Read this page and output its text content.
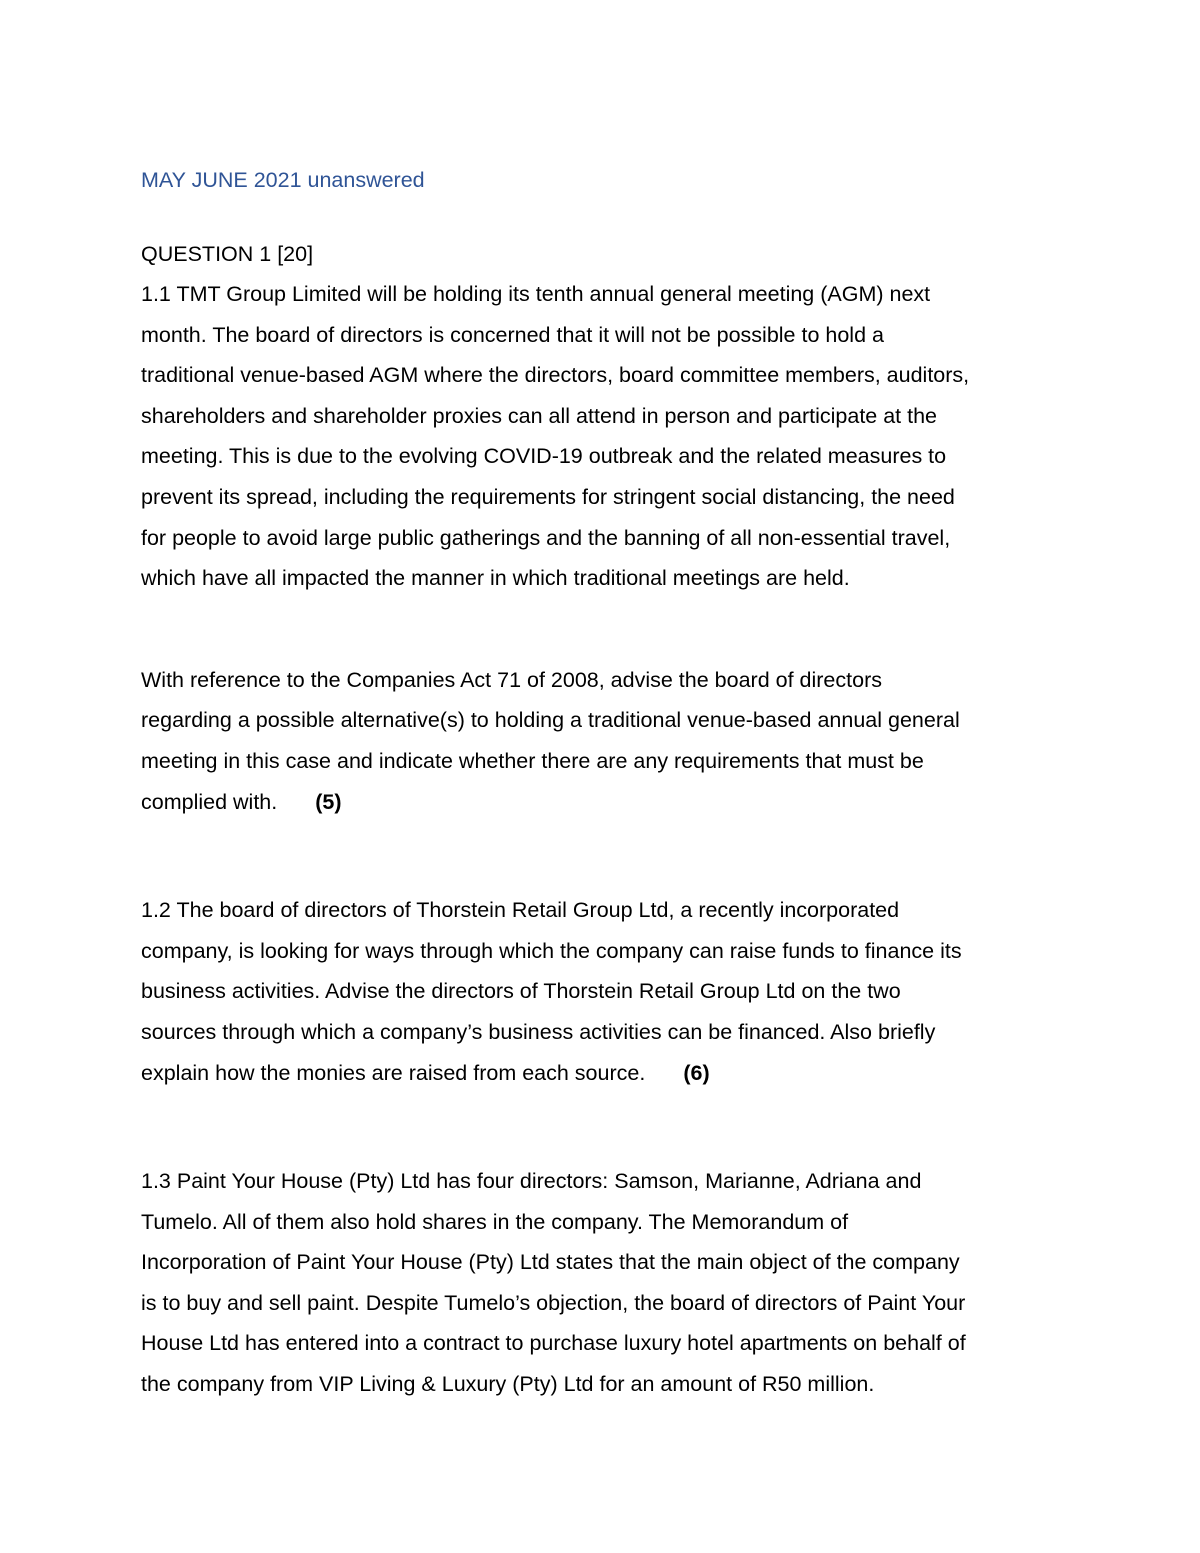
MAY JUNE 2021 unanswered

QUESTION 1 [20]

1.1 TMT Group Limited will be holding its tenth annual general meeting (AGM) next
month. The board of directors is concerned that it will not be possible to hold a
traditional venue-based AGM where the directors, board committee members, auditors,
shareholders and shareholder proxies can all attend in person and participate at the
meeting. This is due to the evolving COVID-19 outbreak and the related measures to
prevent its spread, including the requirements for stringent social distancing, the need
for people to avoid large public gatherings and the banning of all non-essential travel,
which have all impacted the manner in which traditional meetings are held.

With reference to the Companies Act 71 of 2008, advise the board of directors
regarding a possible alternative(s) to holding a traditional venue-based annual general
meeting in this case and indicate whether there are any requirements that must be
complied with. (5)

1.2 The board of directors of Thorstein Retail Group Ltd, a recently incorporated
company, is looking for ways through which the company can raise funds to finance its
business activities. Advise the directors of Thorstein Retail Group Ltd on the two
sources through which a company’s business activities can be financed. Also briefly
explain how the monies are raised from each source. (6)

1.3 Paint Your House (Pty) Ltd has four directors: Samson, Marianne, Adriana and
Tumelo. All of them also hold shares in the company. The Memorandum of
Incorporation of Paint Your House (Pty) Ltd states that the main object of the company
is to buy and sell paint. Despite Tumelo’s objection, the board of directors of Paint Your
House Ltd has entered into a contract to purchase luxury hotel apartments on behalf of
the company from VIP Living & Luxury (Pty) Ltd for an amount of R50 million.
